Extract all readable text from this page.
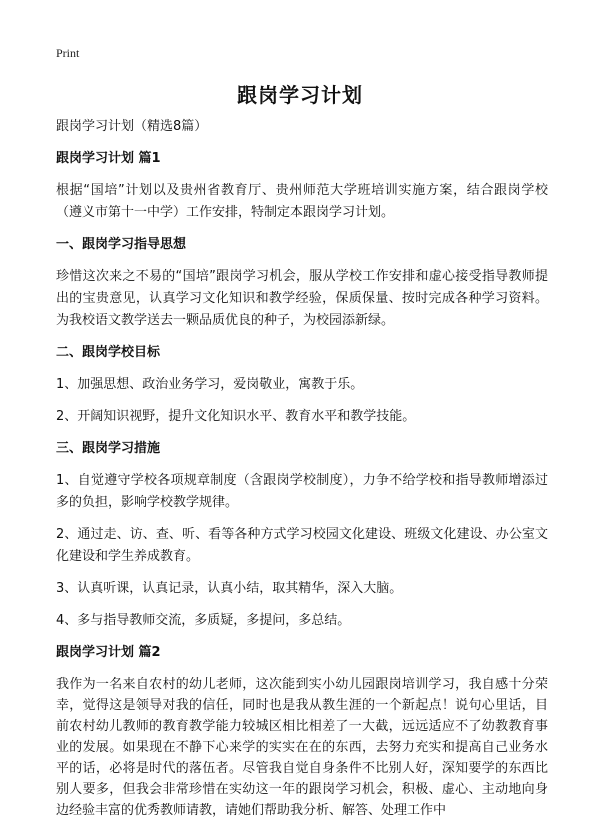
Print
跟岗学习计划

跟岗学习计划（精选8篇）

跟岗学习计划 篇1

根据“国培”计划以及贵州省教育厅、贵州师范大学班培训实施方案，结合跟岗学校（遵义市第十一中学）工作安排，特制定本跟岗学习计划。

一、跟岗学习指导思想

珍惜这次来之不易的“国培”跟岗学习机会，服从学校工作安排和虚心接受指导教师提出的宝贵意见，认真学习文化知识和教学经验，保质保量、按时完成各种学习资料。为我校语文教学送去一颗品质优良的种子，为校园添新绿。

二、跟岗学校目标

1、加强思想、政治业务学习，爱岗敬业，寓教于乐。

2、开阔知识视野，提升文化知识水平、教育水平和教学技能。

三、跟岗学习措施

1、自觉遵守学校各项规章制度（含跟岗学校制度），力争不给学校和指导教师增添过多的负担，影响学校教学规律。

2、通过走、访、查、听、看等各种方式学习校园文化建设、班级文化建设、办公室文化建设和学生养成教育。

3、认真听课，认真记录，认真小结，取其精华，深入大脑。

4、多与指导教师交流，多质疑，多提问，多总结。

跟岗学习计划 篇2

我作为一名来自农村的幼儿老师，这次能到实小幼儿园跟岗培训学习，我自感十分荣幸，觉得这是领导对我的信任，同时也是我从教生涯的一个新起点！说句心里话，目前农村幼儿教师的教育教学能力较城区相比相差了一大截，远远适应不了幼教教育事业的发展。如果现在不静下心来学的实实在在的东西，去努力充实和提高自己业务水平的话，必将是时代的落伍者。尽管我自觉自身条件不比别人好，深知要学的东西比别人要多，但我会非常珍惜在实幼这一年的跟岗学习机会，积极、虚心、主动地向身边经验丰富的优秀教师请教，请她们帮助我分析、解答、处理工作中
